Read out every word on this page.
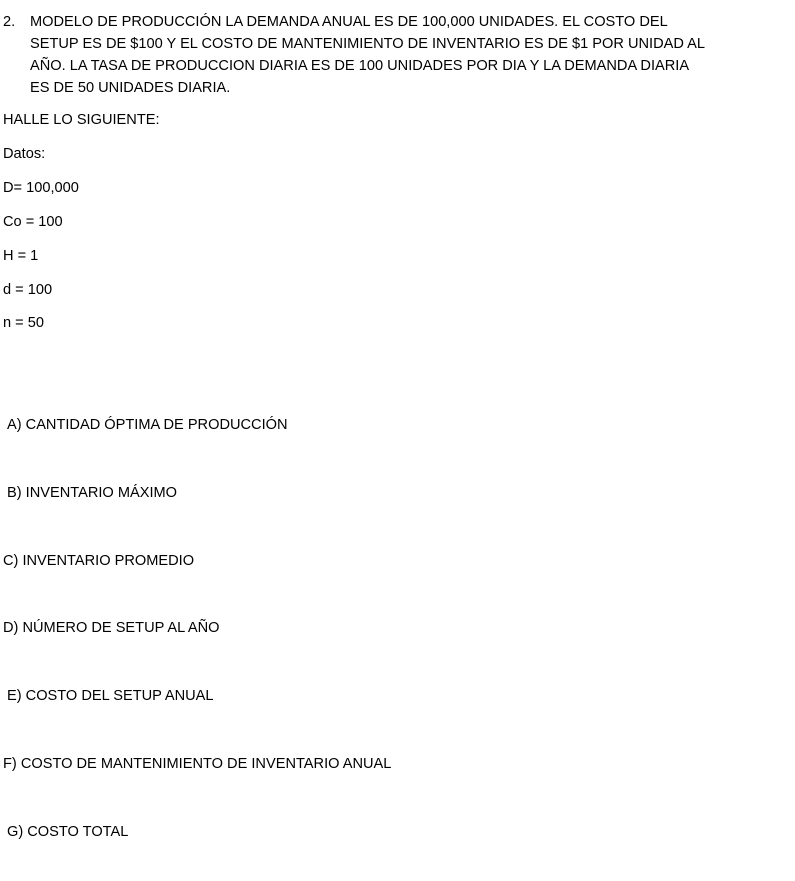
2.	MODELO DE PRODUCCIÓN LA DEMANDA ANUAL ES DE 100,000 UNIDADES. EL COSTO DEL SETUP ES DE $100 Y EL COSTO DE MANTENIMIENTO DE INVENTARIO ES DE $1 POR UNIDAD AL AÑO. LA TASA DE PRODUCCION DIARIA ES DE 100 UNIDADES POR DIA Y LA DEMANDA DIARIA ES DE 50 UNIDADES DIARIA.
HALLE LO SIGUIENTE:
Datos:
D= 100,000
Co = 100
H = 1
d = 100
n = 50
A) CANTIDAD ÓPTIMA DE PRODUCCIÓN
B) INVENTARIO MÁXIMO
C) INVENTARIO PROMEDIO
D) NÚMERO DE SETUP AL AÑO
E) COSTO DEL SETUP ANUAL
F) COSTO DE MANTENIMIENTO DE INVENTARIO ANUAL
G) COSTO TOTAL
